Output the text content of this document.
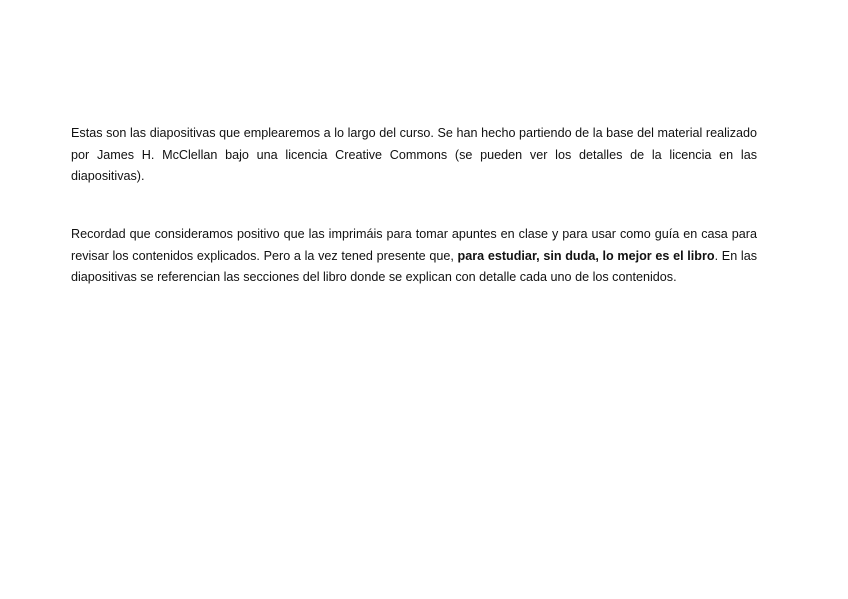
Estas son las diapositivas que emplearemos a lo largo del curso. Se han hecho partiendo de la base del material realizado por James H. McClellan bajo una licencia Creative Commons (se pueden ver los detalles de la licencia en las diapositivas).

Recordad que consideramos positivo que las imprimáis para tomar apuntes en clase y para usar como guía en casa para revisar los contenidos explicados. Pero a la vez tened presente que, para estudiar, sin duda, lo mejor es el libro. En las diapositivas se referencian las secciones del libro donde se explican con detalle cada uno de los contenidos.
